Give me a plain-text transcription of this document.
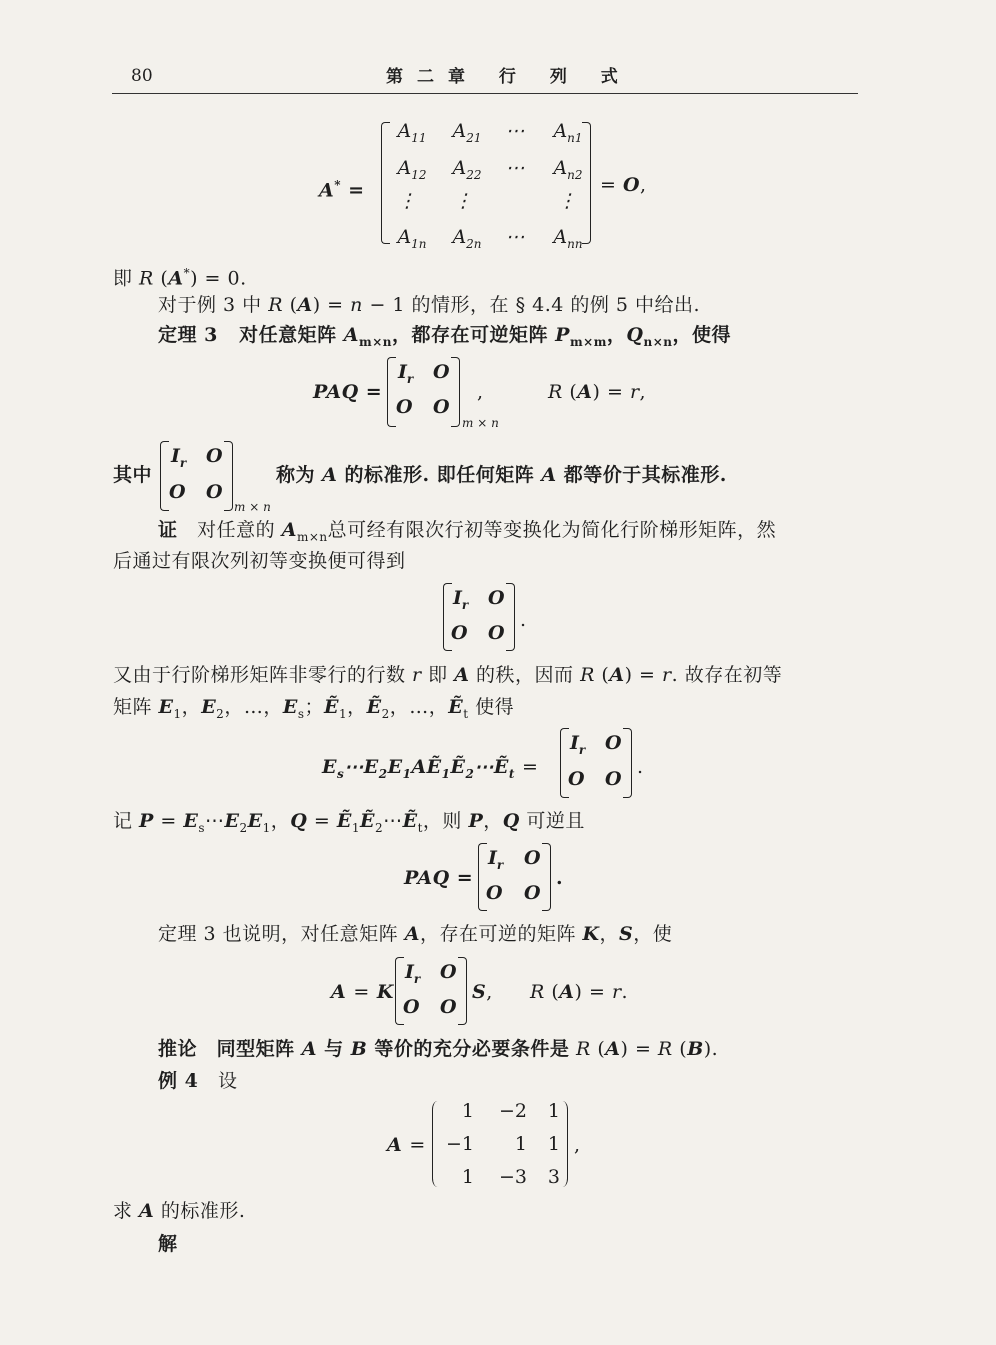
80	第二章 行 列 式
A* =
$A_{11}$ $A_{21}$ ⋯ $A_{n1}$
$A_{12}$ $A_{22}$ ⋯ $A_{n2}$
⋮ ⋮	⋮
$A_{1n}$ $A_{2n}$ ⋯ $A_{nn}$
= O,
即 R (A*) = 0.
对于例 3 中 R (A) = n − 1 的情形，在 § 4.4 的例 5 中给出.
定理 3   对任意矩阵 $A_{m\times n}$，都存在可逆矩阵 $P_{m\times m}$，$Q_{n\times n}$，使得
PAQ =
$I_r$ O
O O
m × n
,	R (A) = r,
其中
$I_r$ O
O O
m × n
称为 A 的标准形. 即任何矩阵 A 都等价于其标准形.
证   对任意的 $A_{m\times n}$总可经有限次行初等变换化为简化行阶梯形矩阵，然
后通过有限次列初等变换便可得到
$I_r$ O
O O
.
又由于行阶梯形矩阵非零行的行数 r 即 A 的秩，因而 R (A) = r. 故存在初等
矩阵 $E_1$，$E_2$，…，$E_s$；Ẽ$_1$，Ẽ$_2$，…，Ẽ$_t$ 使得
$E_s\cdots E_2E_1AẼ_1Ẽ_2\cdots Ẽ_t$ =
$I_r$ O
O O
.
记 $P = E_s\cdots E_2E_1$，Q = Ẽ$_1$Ẽ$_2$⋯Ẽ$_t$，则 P，Q 可逆且
PAQ =
$I_r$ O
O O
.
定理 3 也说明，对任意矩阵 A，存在可逆的矩阵 K，S，使
A = K
$I_r$ O
O O
S, R (A) = r.
推论 同型矩阵 A 与 B 等价的充分必要条件是 R (A) = R (B).
例 4 设
A =
1	−2	1
−1	1	1
1	−3	3
,
求 A 的标准形.
解
